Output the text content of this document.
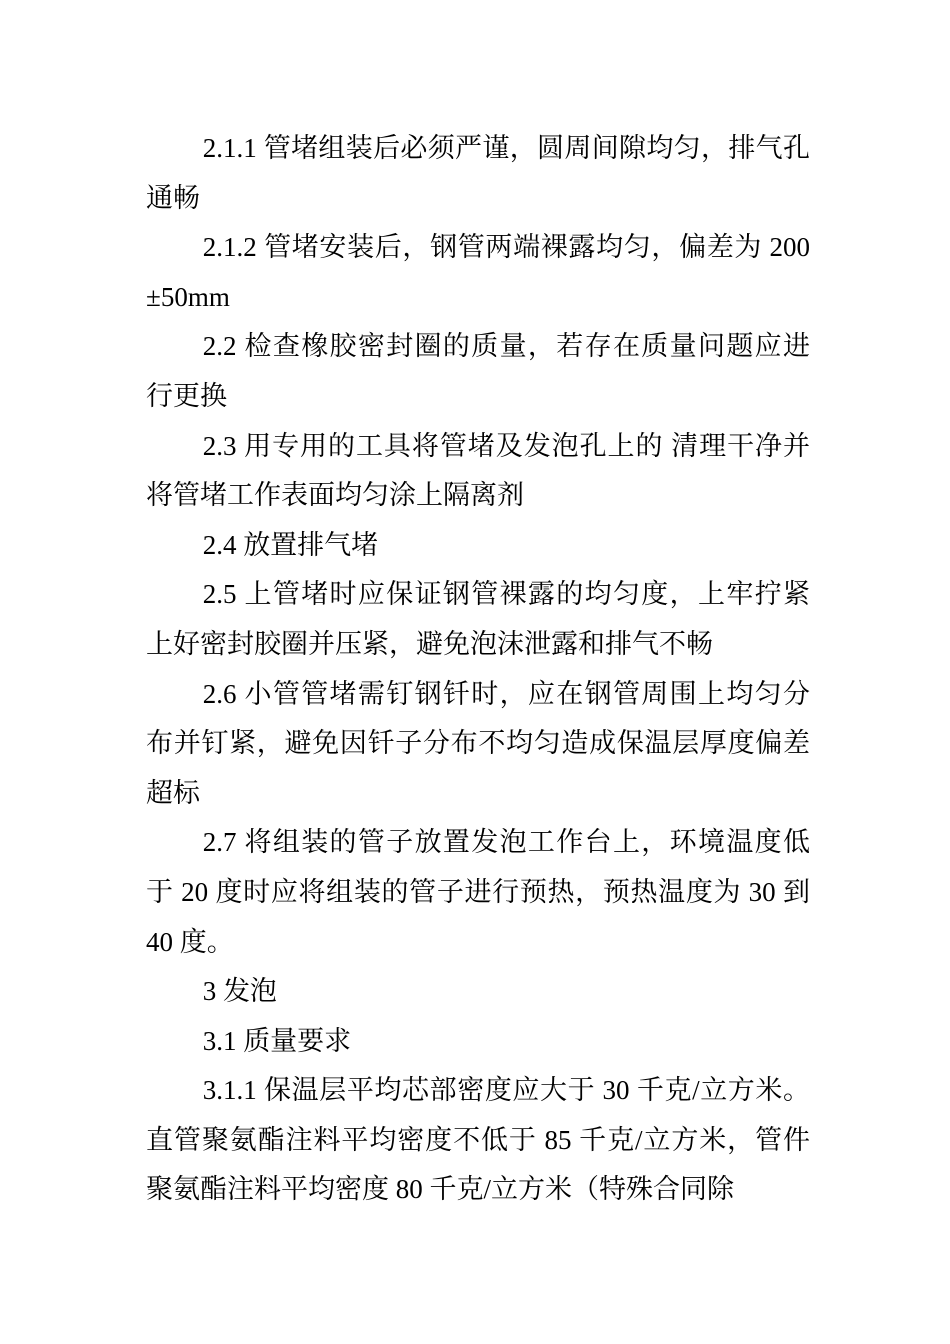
2.1.1 管堵组装后必须严谨，圆周间隙均匀，排气孔通畅

2.1.2 管堵安装后，钢管两端裸露均匀，偏差为 200±50mm

2.2 检查橡胶密封圈的质量，若存在质量问题应进行更换

2.3 用专用的工具将管堵及发泡孔上的 清理干净并将管堵工作表面均匀涂上隔离剂

2.4 放置排气堵

2.5 上管堵时应保证钢管裸露的均匀度，上牢拧紧上好密封胶圈并压紧，避免泡沫泄露和排气不畅

2.6 小管管堵需钉钢钎时，应在钢管周围上均匀分布并钉紧，避免因钎子分布不均匀造成保温层厚度偏差超标

2.7 将组装的管子放置发泡工作台上，环境温度低于 20 度时应将组装的管子进行预热，预热温度为 30 到 40 度。

3 发泡

3.1 质量要求

3.1.1 保温层平均芯部密度应大于 30 千克/立方米。直管聚氨酯注料平均密度不低于 85 千克/立方米，管件聚氨酯注料平均密度 80 千克/立方米（特殊合同除
